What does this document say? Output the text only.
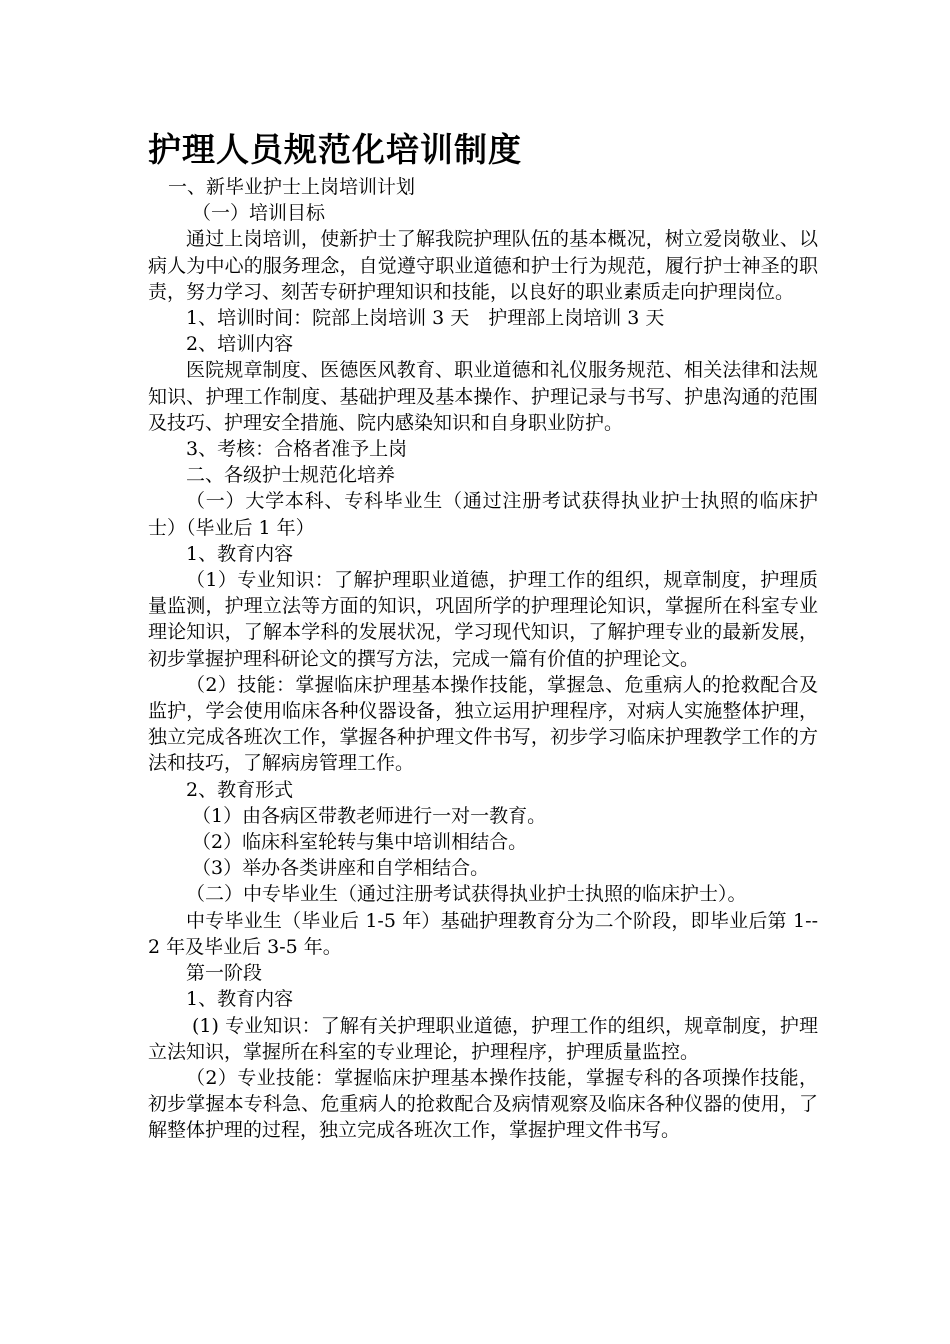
护理人员规范化培训制度

一、新毕业护士上岗培训计划

（一）培训目标

通过上岗培训，使新护士了解我院护理队伍的基本概况，树立爱岗敬业、以病人为中心的服务理念，自觉遵守职业道德和护士行为规范，履行护士神圣的职责，努力学习、刻苦专研护理知识和技能，以良好的职业素质走向护理岗位。

1、培训时间：院部上岗培训 3 天　护理部上岗培训 3 天

2、培训内容

医院规章制度、医德医风教育、职业道德和礼仪服务规范、相关法律和法规知识、护理工作制度、基础护理及基本操作、护理记录与书写、护患沟通的范围及技巧、护理安全措施、院内感染知识和自身职业防护。

3、考核：合格者准予上岗

二、各级护士规范化培养

（一）大学本科、专科毕业生（通过注册考试获得执业护士执照的临床护士）（毕业后 1 年）

1、教育内容

（1）专业知识：了解护理职业道德，护理工作的组织，规章制度，护理质量监测，护理立法等方面的知识，巩固所学的护理理论知识，掌握所在科室专业理论知识，了解本学科的发展状况，学习现代知识，了解护理专业的最新发展，初步掌握护理科研论文的撰写方法，完成一篇有价值的护理论文。

（2）技能：掌握临床护理基本操作技能，掌握急、危重病人的抢救配合及监护，学会使用临床各种仪器设备，独立运用护理程序，对病人实施整体护理，独立完成各班次工作，掌握各种护理文件书写，初步学习临床护理教学工作的方法和技巧，了解病房管理工作。

2、教育形式

（1）由各病区带教老师进行一对一教育。

（2）临床科室轮转与集中培训相结合。

（3）举办各类讲座和自学相结合。

（二）中专毕业生（通过注册考试获得执业护士执照的临床护士）。

中专毕业生（毕业后 1-5 年）基础护理教育分为二个阶段，即毕业后第 1--2 年及毕业后 3-5 年。

第一阶段

1、教育内容

(1) 专业知识：了解有关护理职业道德，护理工作的组织，规章制度，护理立法知识，掌握所在科室的专业理论，护理程序，护理质量监控。

（2）专业技能：掌握临床护理基本操作技能，掌握专科的各项操作技能，初步掌握本专科急、危重病人的抢救配合及病情观察及临床各种仪器的使用，了解整体护理的过程，独立完成各班次工作，掌握护理文件书写。
